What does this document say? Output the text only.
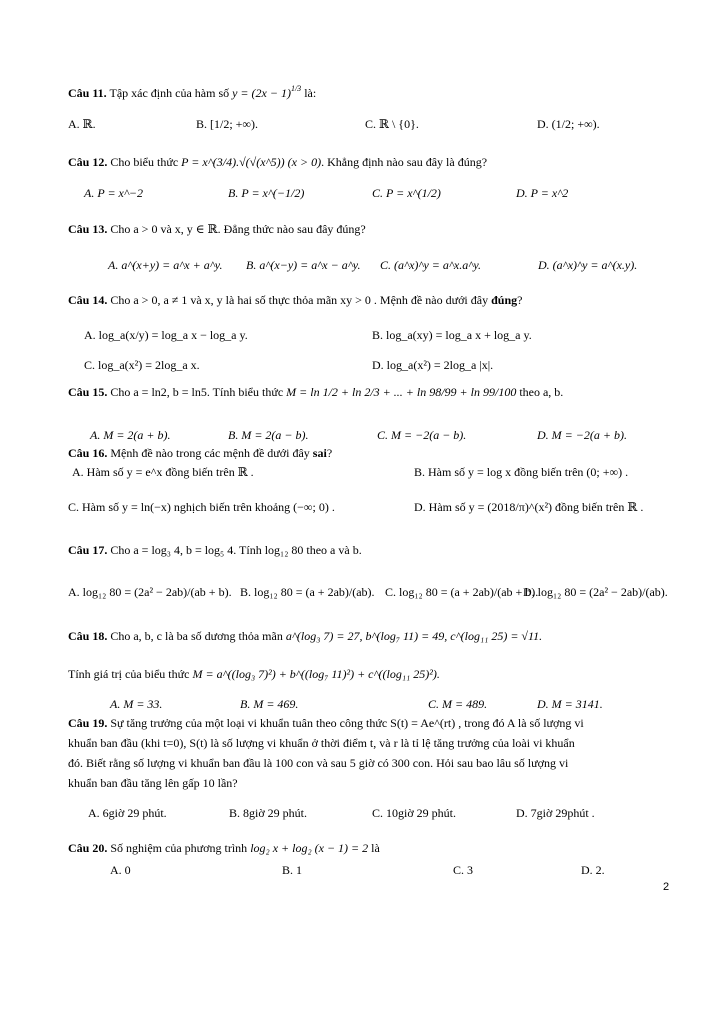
Câu 11. Tập xác định của hàm số $y = (2x - 1)^{1/3}$ là:
A. ℝ.	B. [1/2; +∞).	C. ℝ \ {0}.	D. (1/2; +∞).
Câu 12. Cho biểu thức P = x^(3/4).√(√(x^5)) (x > 0). Khẳng định nào sau đây là đúng?
A. P = x^−2	B. P = x^(−1/2)	C. P = x^(1/2)	D. P = x^2
Câu 13. Cho a > 0 và x, y ∈ ℝ. Đẳng thức nào sau đây đúng?
A. a^(x+y) = a^x + a^y. B. a^(x−y) = a^x − a^y. C. (a^x)^y = a^x.a^y.	D. (a^x)^y = a^(x.y).
Câu 14. Cho a > 0, a ≠ 1 và x, y là hai số thực thỏa mãn xy > 0 . Mệnh đề nào dưới đây đúng?
A. log_a(x/y) = log_a x − log_a y.	B. log_a(xy) = log_a x + log_a y.
C. log_a(x²) = 2log_a x.	D. log_a(x²) = 2log_a |x|.
Câu 15. Cho a = ln2, b = ln5. Tính biểu thức M = ln 1/2 + ln 2/3 + ... + ln 98/99 + ln 99/100 theo a, b.
A. M = 2(a + b).	B. M = 2(a − b).	C. M = −2(a − b).	D. M = −2(a + b).
Câu 16. Mệnh đề nào trong các mệnh đề dưới đây sai?
A. Hàm số y = e^x đồng biến trên ℝ .	B. Hàm số y = log x đồng biến trên (0; +∞) .
C. Hàm số y = ln(−x) nghịch biến trên khoảng (−∞; 0) .	D. Hàm số y = (2018/π)^(x²) đồng biến trên ℝ .
Câu 17. Cho a = log₃ 4, b = log₅ 4. Tính log₁₂ 80 theo a và b.
A. log₁₂ 80 = (2a² − 2ab)/(ab + b). B. log₁₂ 80 = (a + 2ab)/(ab). C. log₁₂ 80 = (a + 2ab)/(ab + b).
D. log₁₂ 80 = (2a² − 2ab)/(ab).
Câu 18. Cho a, b, c là ba số dương thỏa mãn a^(log₃ 7) = 27, b^(log₇ 11) = 49, c^(log₁₁ 25) = √11.
Tính giá trị của biểu thức M = a^((log₃ 7)²) + b^((log₇ 11)²) + c^((log₁₁ 25)²).
A. M = 33.	B. M = 469.	C. M = 489.	D. M = 3141.
Câu 19. Sự tăng trưởng của một loại vi khuẩn tuân theo công thức S(t) = Ae^(rt) , trong đó A là số lượng vi
khuẩn ban đầu (khi t=0), S(t) là số lượng vi khuẩn ở thời điểm t, và r là tỉ lệ tăng trưởng của loài vi khuẩn
đó. Biết rằng số lượng vi khuẩn ban đầu là 100 con và sau 5 giờ có 300 con. Hỏi sau bao lâu số lượng vi
khuẩn ban đầu tăng lên gấp 10 lần?
A. 6giờ 29 phút.	B. 8giờ 29 phút.	C. 10giờ 29 phút.	D. 7giờ 29phút .
Câu 20. Số nghiệm của phương trình log₂ x + log₂ (x − 1) = 2 là
A. 0	B. 1	C. 3	D. 2.
2
